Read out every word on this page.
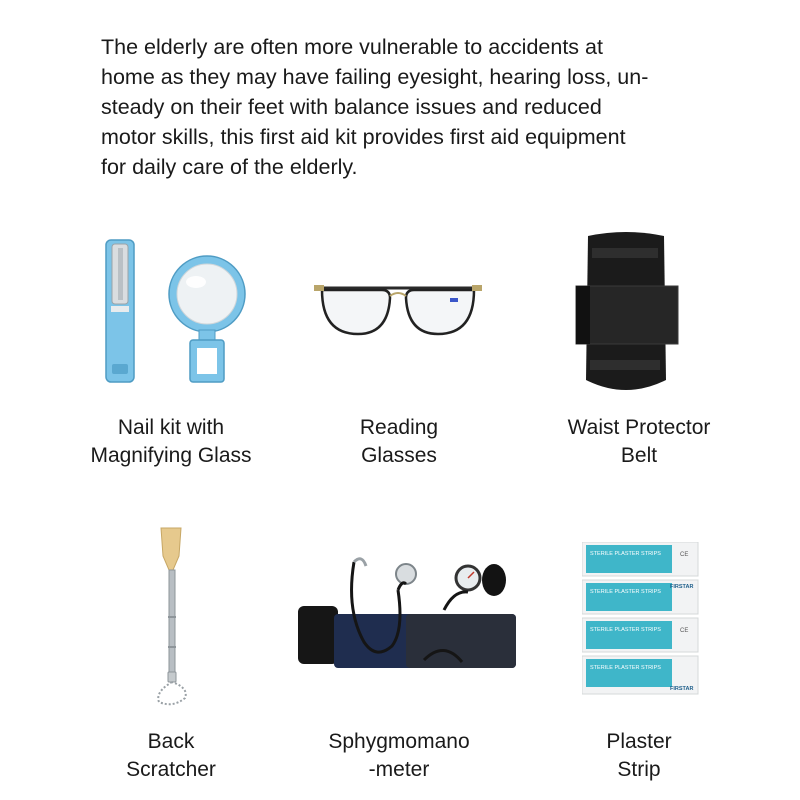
The elderly are often more vulnerable to accidents at
home as they may have failing eyesight, hearing loss, un-
steady on their feet with balance issues and reduced
motor skills, this first aid kit provides first aid equipment
for daily care of the elderly.

Nail kit with
Magnifying Glass
Reading
Glasses
Waist Protector
Belt
Back
Scratcher
Sphygmomano
-meter
STERILE PLASTER STRIPS	CE
STERILE PLASTER STRIPS
FIRSTAR
STERILE PLASTER STRIPS	CE
STERILE PLASTER STRIPS
FIRSTAR
Plaster
Strip
